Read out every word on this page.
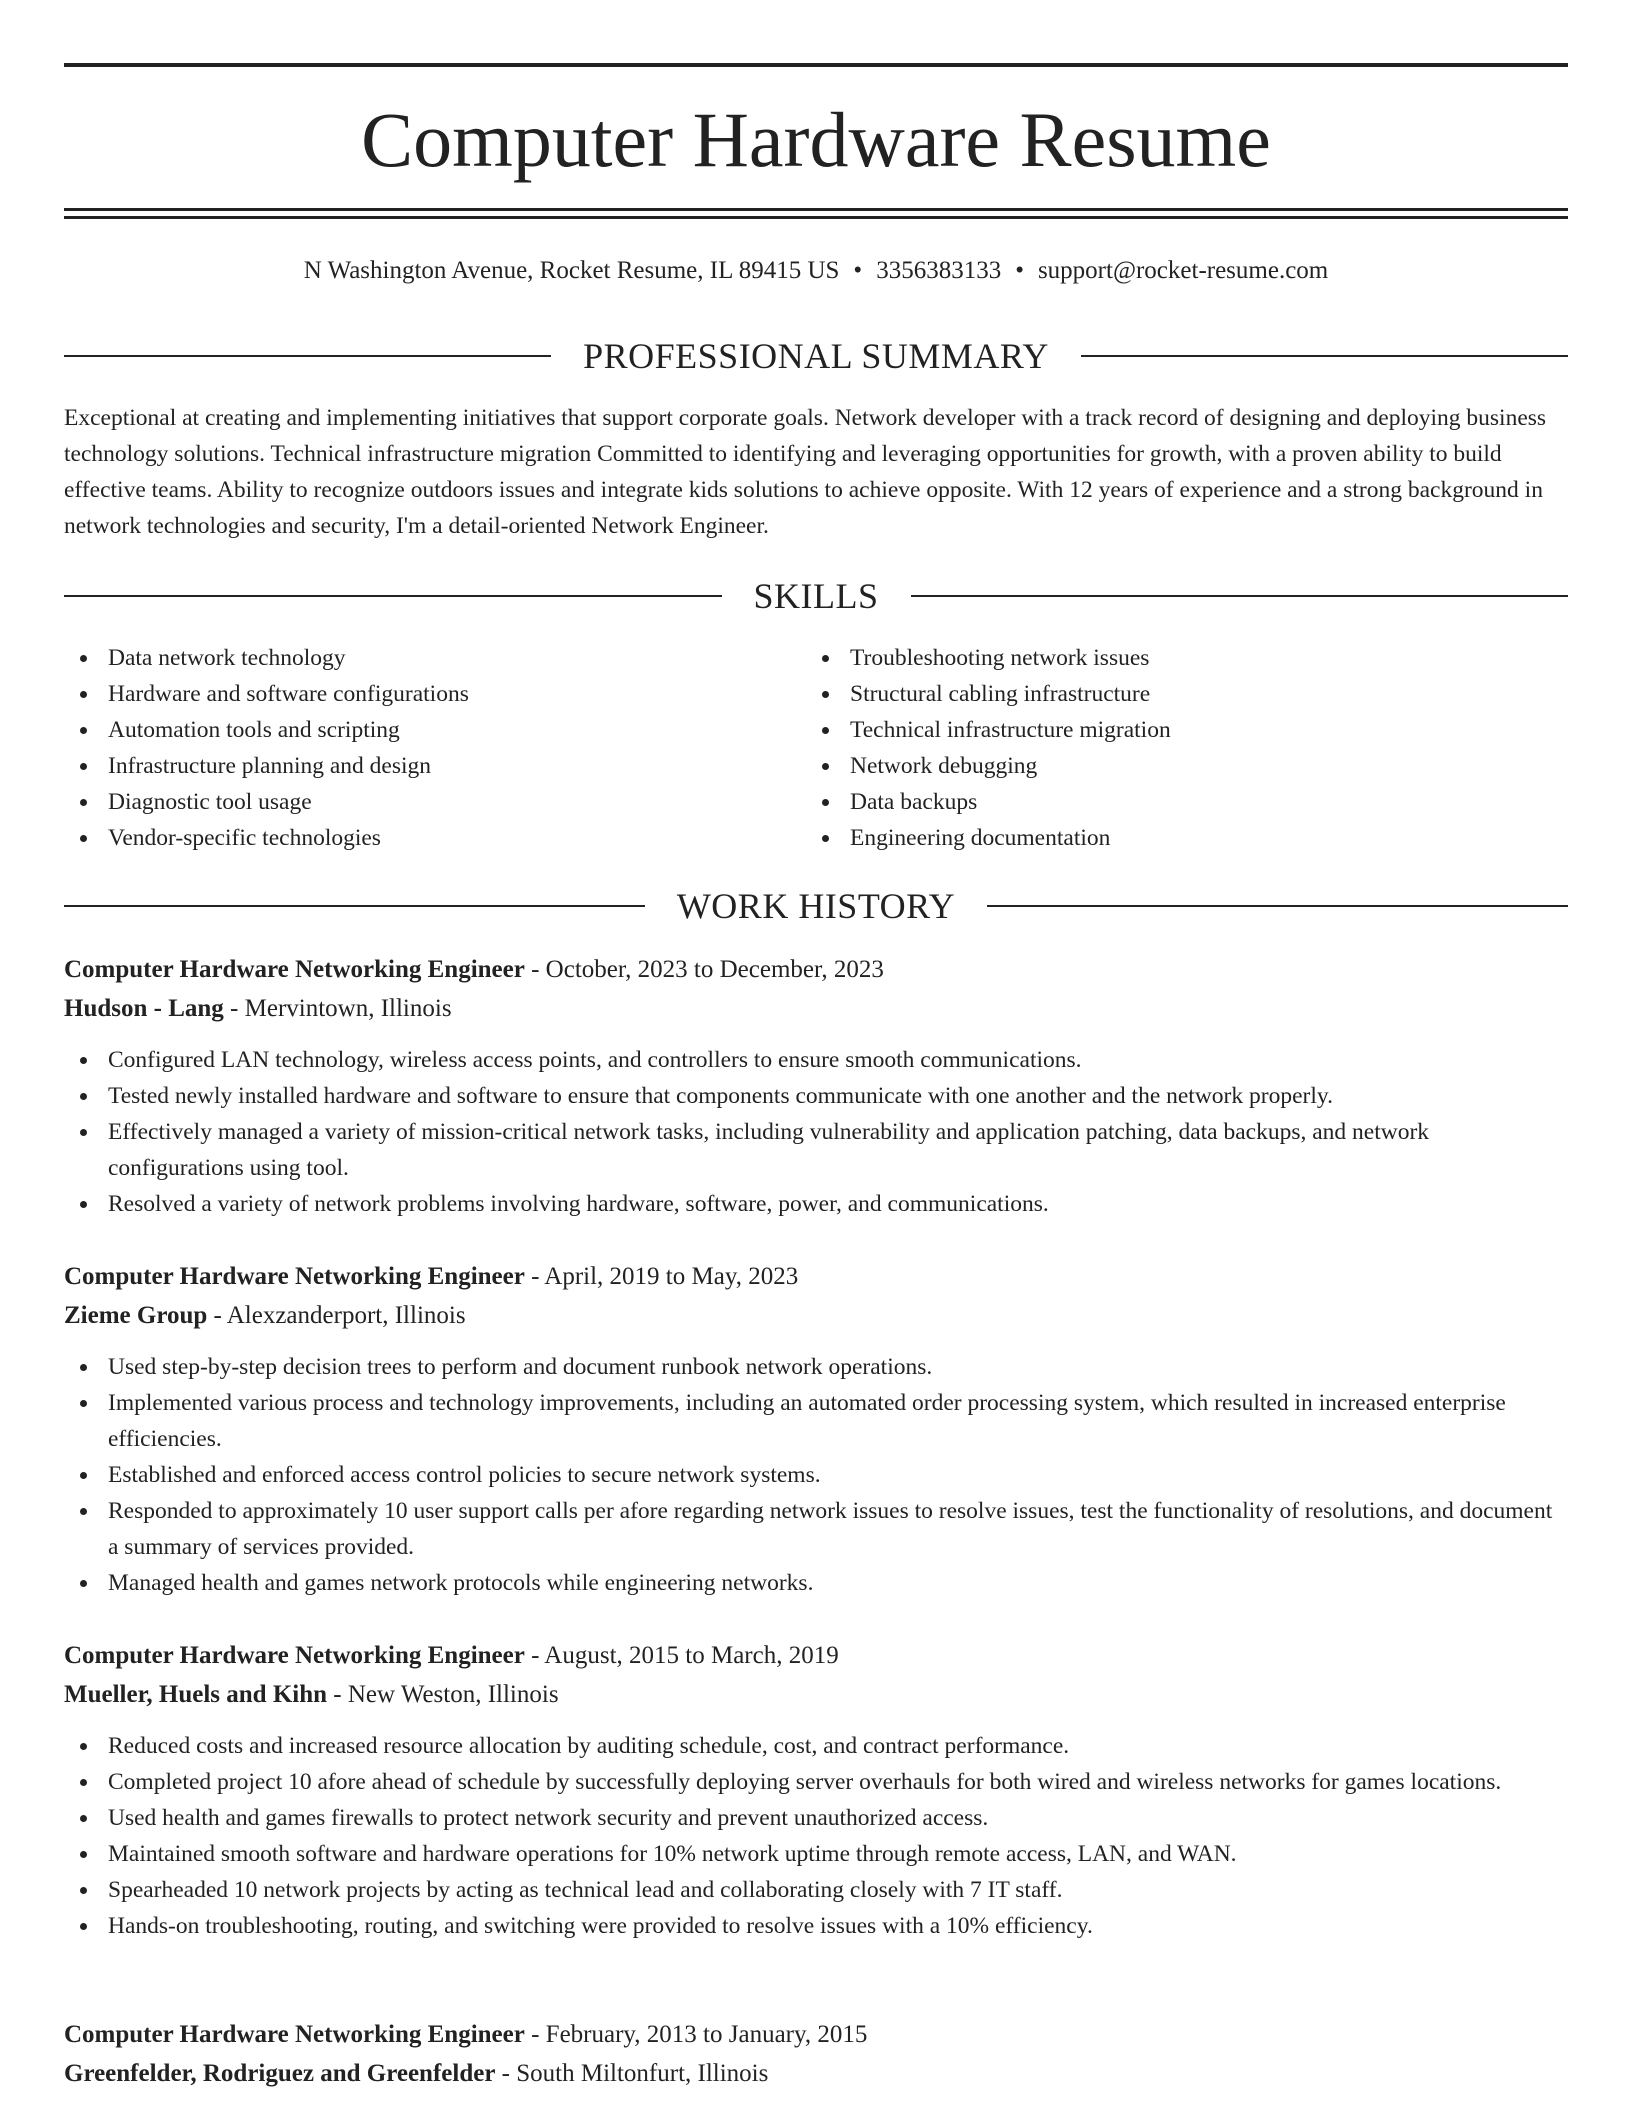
Computer Hardware Resume
N Washington Avenue, Rocket Resume, IL 89415 US • 3356383133 • support@rocket-resume.com
PROFESSIONAL SUMMARY

Exceptional at creating and implementing initiatives that support corporate goals. Network developer with a track record of designing and deploying business technology solutions. Technical infrastructure migration Committed to identifying and leveraging opportunities for growth, with a proven ability to build effective teams. Ability to recognize outdoors issues and integrate kids solutions to achieve opposite. With 12 years of experience and a strong background in network technologies and security, I'm a detail-oriented Network Engineer.

SKILLS
Data network technology
Hardware and software configurations
Automation tools and scripting
Infrastructure planning and design
Diagnostic tool usage
Vendor-specific technologies
Troubleshooting network issues
Structural cabling infrastructure
Technical infrastructure migration
Network debugging
Data backups
Engineering documentation
WORK HISTORY
Computer Hardware Networking Engineer - October, 2023 to December, 2023
Hudson - Lang - Mervintown, Illinois
Configured LAN technology, wireless access points, and controllers to ensure smooth communications.
Tested newly installed hardware and software to ensure that components communicate with one another and the network properly.
Effectively managed a variety of mission-critical network tasks, including vulnerability and application patching, data backups, and network configurations using tool.
Resolved a variety of network problems involving hardware, software, power, and communications.
Computer Hardware Networking Engineer - April, 2019 to May, 2023
Zieme Group - Alexzanderport, Illinois
Used step-by-step decision trees to perform and document runbook network operations.
Implemented various process and technology improvements, including an automated order processing system, which resulted in increased enterprise efficiencies.
Established and enforced access control policies to secure network systems.
Responded to approximately 10 user support calls per afore regarding network issues to resolve issues, test the functionality of resolutions, and document a summary of services provided.
Managed health and games network protocols while engineering networks.
Computer Hardware Networking Engineer - August, 2015 to March, 2019
Mueller, Huels and Kihn - New Weston, Illinois
Reduced costs and increased resource allocation by auditing schedule, cost, and contract performance.
Completed project 10 afore ahead of schedule by successfully deploying server overhauls for both wired and wireless networks for games locations.
Used health and games firewalls to protect network security and prevent unauthorized access.
Maintained smooth software and hardware operations for 10% network uptime through remote access, LAN, and WAN.
Spearheaded 10 network projects by acting as technical lead and collaborating closely with 7 IT staff.
Hands-on troubleshooting, routing, and switching were provided to resolve issues with a 10% efficiency.
Computer Hardware Networking Engineer - February, 2013 to January, 2015
Greenfelder, Rodriguez and Greenfelder - South Miltonfurt, Illinois
